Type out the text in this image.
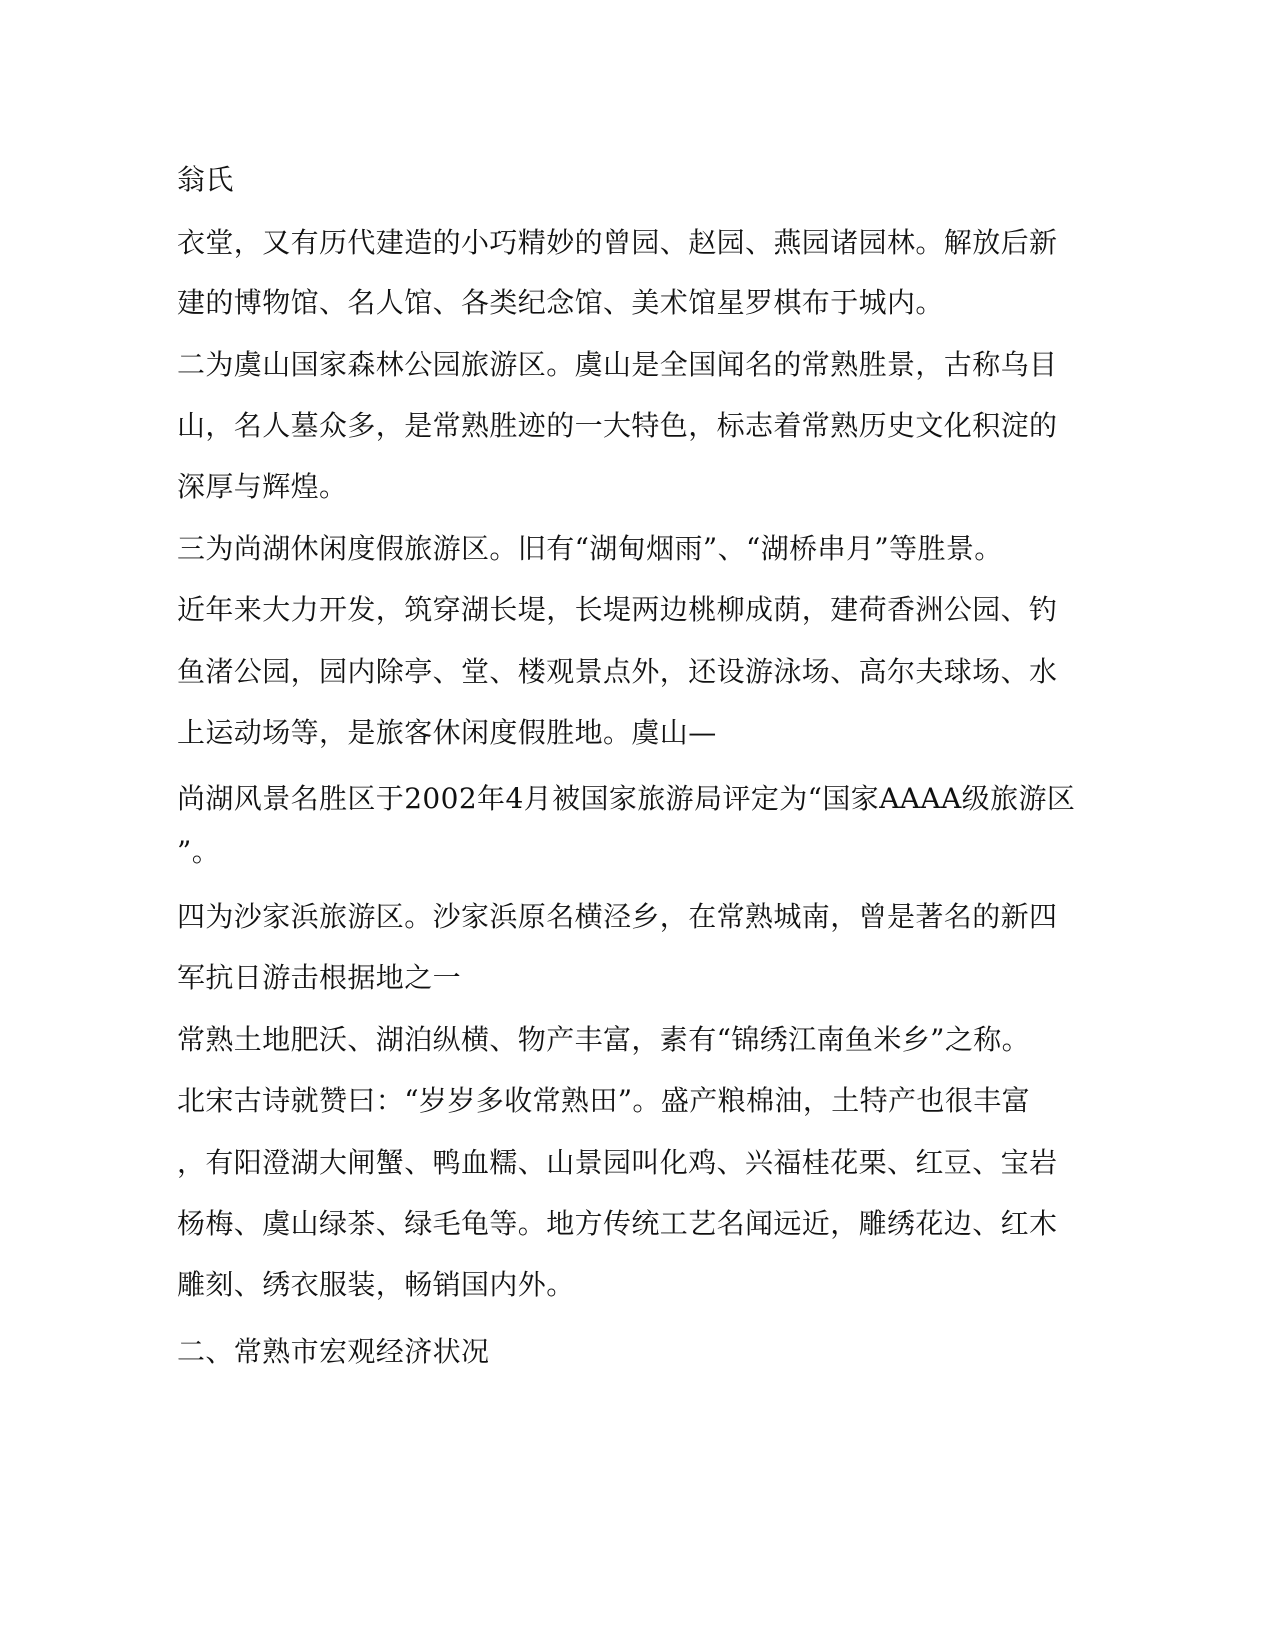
翁氏
衣堂，又有历代建造的小巧精妙的曾园、赵园、燕园诸园林。解放后新
建的博物馆、名人馆、各类纪念馆、美术馆星罗棋布于城内。
二为虞山国家森林公园旅游区。虞山是全国闻名的常熟胜景，古称乌目
山，名人墓众多，是常熟胜迹的一大特色，标志着常熟历史文化积淀的
深厚与辉煌。
三为尚湖休闲度假旅游区。旧有“湖甸烟雨”、“湖桥串月”等胜景。
近年来大力开发，筑穿湖长堤，长堤两边桃柳成荫，建荷香洲公园、钓
鱼渚公园，园内除亭、堂、楼观景点外，还设游泳场、高尔夫球场、水
上运动场等，是旅客休闲度假胜地。虞山—
尚湖风景名胜区于2002年4月被国家旅游局评定为“国家AAAA级旅游区
”。
四为沙家浜旅游区。沙家浜原名横泾乡，在常熟城南，曾是著名的新四
军抗日游击根据地之一
常熟土地肥沃、湖泊纵横、物产丰富，素有“锦绣江南鱼米乡”之称。
北宋古诗就赞曰：“岁岁多收常熟田”。盛产粮棉油，土特产也很丰富
，有阳澄湖大闸蟹、鸭血糯、山景园叫化鸡、兴福桂花栗、红豆、宝岩
杨梅、虞山绿茶、绿毛龟等。地方传统工艺名闻远近，雕绣花边、红木
雕刻、绣衣服装，畅销国内外。
二、常熟市宏观经济状况
